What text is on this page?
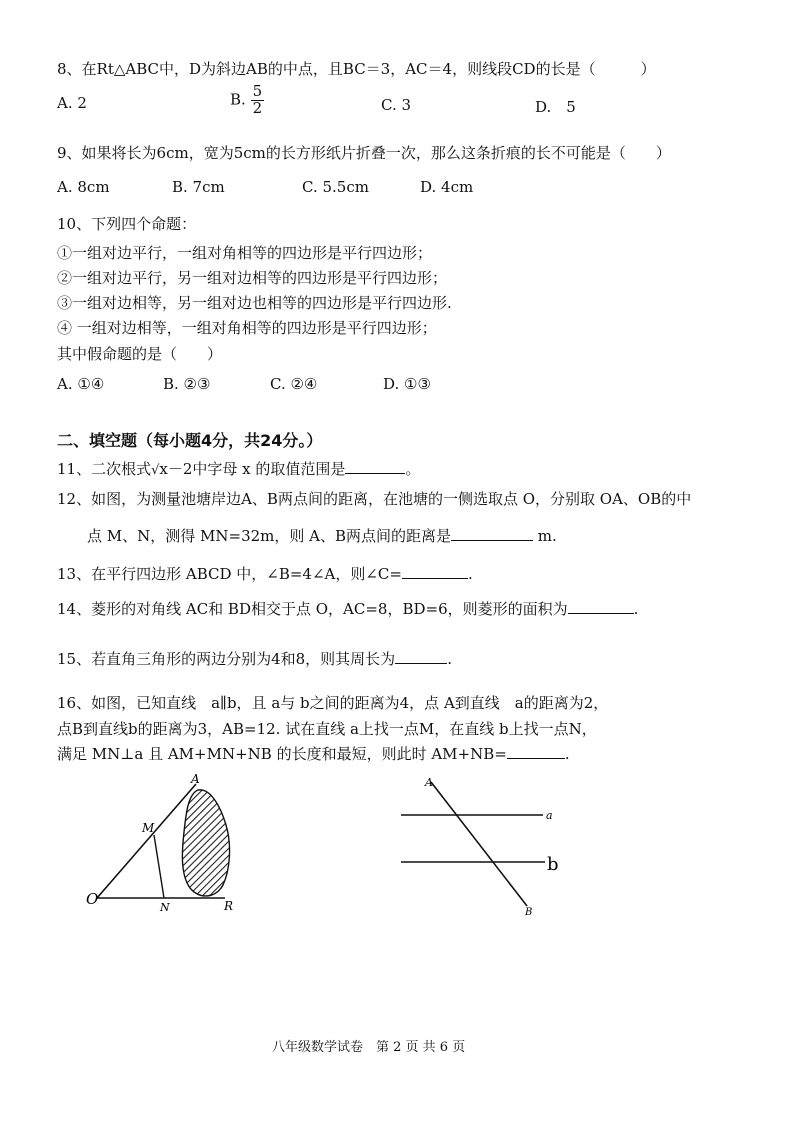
8、在Rt△ABC中，D为斜边AB的中点，且BC＝3，AC＝4，则线段CD的长是（　　　）
A. 2	B. $\frac{5}{2}$	C. 3	D.　5
9、如果将长为6cm，宽为5cm的长方形纸片折叠一次，那么这条折痕的长不可能是（　　）
A. 8cm	B. 7cm	C. 5.5cm	D. 4cm
10、下列四个命题：
①一组对边平行，一组对角相等的四边形是平行四边形；
②一组对边平行，另一组对边相等的四边形是平行四边形；
③一组对边相等，另一组对边也相等的四边形是平行四边形.
④ 一组对边相等，一组对角相等的四边形是平行四边形；
其中假命题的是（　　）
A. ①④	B. ②③	C. ②④	D. ①③
二、填空题（每小题4分，共24分。）
11、二次根式√x－2中字母 x 的取值范围是	。
12、如图，为测量池塘岸边A、B两点间的距离，在池塘的一侧选取点 O，分别取 OA、OB的中
点 M、N，测得 MN=32m，则 A、B两点间的距离是	m.
13、在平行四边形 ABCD 中，∠B=4∠A，则∠C=	.
14、菱形的对角线 AC和 BD相交于点 O，AC=8，BD=6，则菱形的面积为	.
15、若直角三角形的两边分别为4和8，则其周长为	.
16、如图，已知直线　a∥b，且 a与 b之间的距离为4，点 A到直线　a的距离为2，
点B到直线b的距离为3，AB=12. 试在直线 a上找一点M，在直线 b上找一点N，
满足 MN⊥a 且 AM+MN+NB 的长度和最短，则此时 AM+NB=	.
A
M
O	N	R
A
a
b
B
八年级数学试卷　第 2 页 共 6 页
